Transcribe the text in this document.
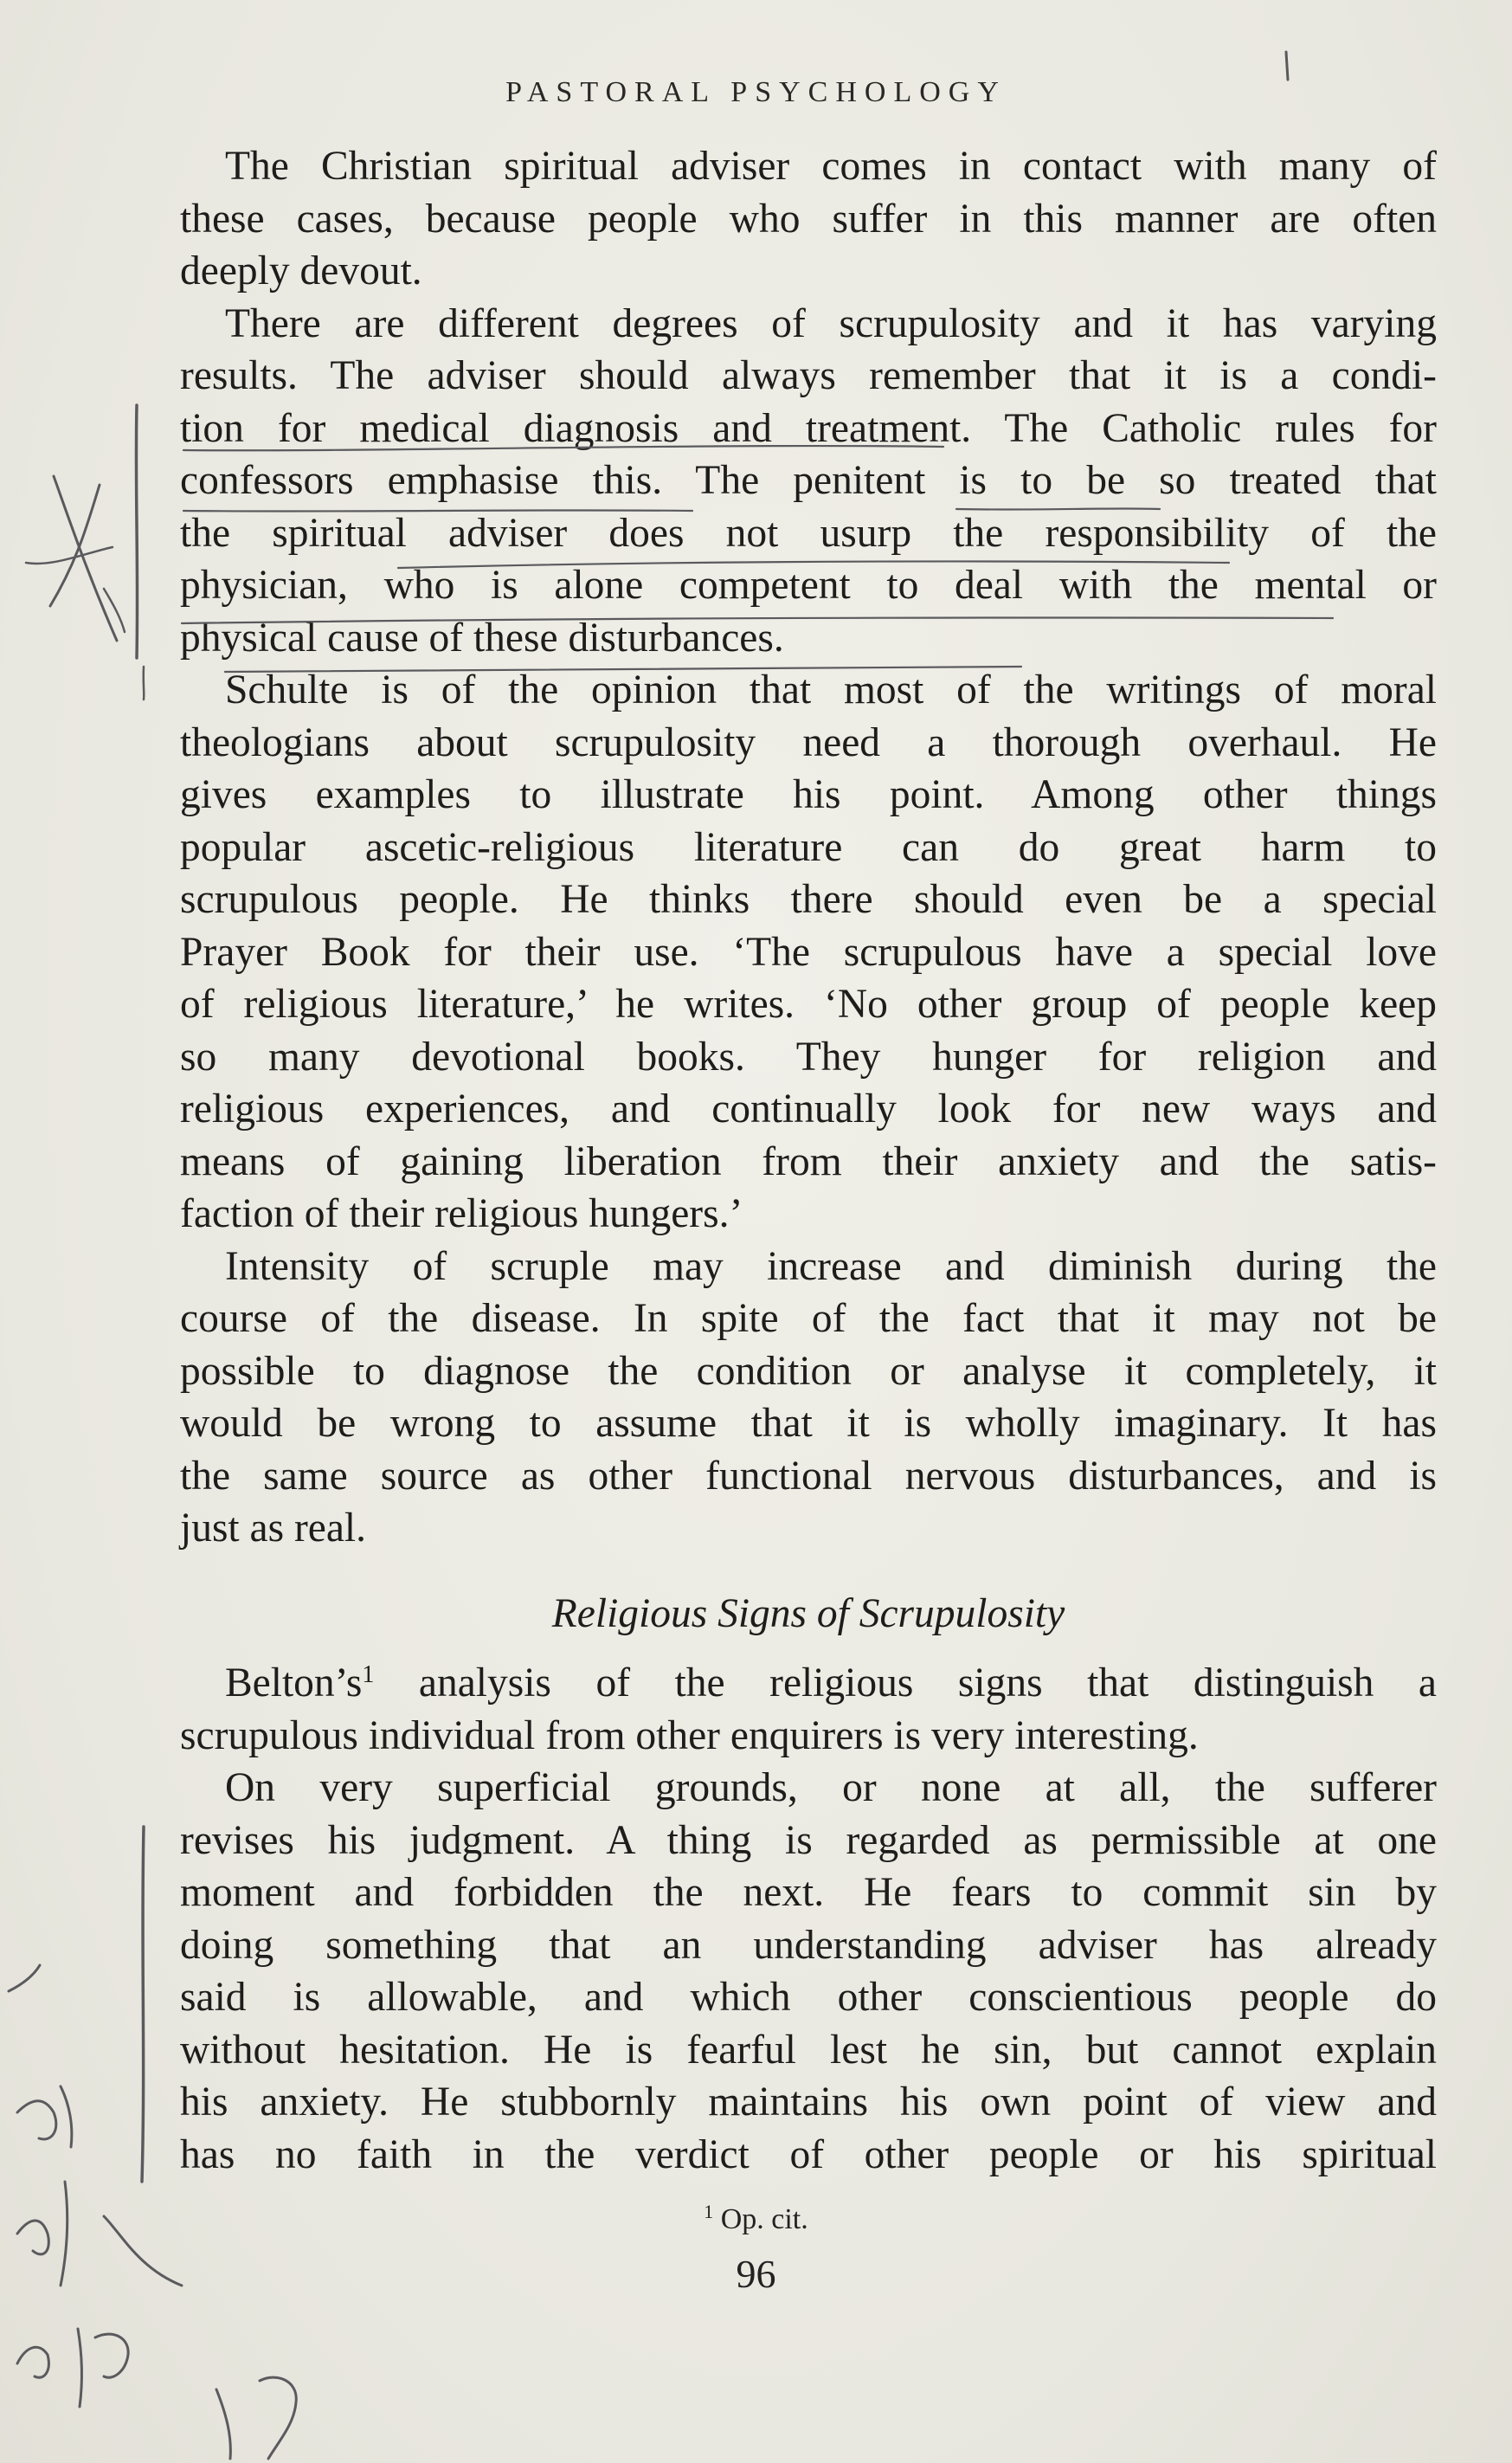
PASTORAL PSYCHOLOGY
The Christian spiritual adviser comes in contact with many of
these cases, because people who suffer in this manner are often
deeply devout.
There are different degrees of scrupulosity and it has varying
results. The adviser should always remember that it is a condi-
tion for medical diagnosis and treatment. The Catholic rules for
confessors emphasise this. The penitent is to be so treated that
the spiritual adviser does not usurp the responsibility of the
physician, who is alone competent to deal with the mental or
physical cause of these disturbances.
Schulte is of the opinion that most of the writings of moral
theologians about scrupulosity need a thorough overhaul. He
gives examples to illustrate his point. Among other things
popular ascetic-religious literature can do great harm to
scrupulous people. He thinks there should even be a special
Prayer Book for their use. ‘The scrupulous have a special love
of religious literature,’ he writes. ‘No other group of people keep
so many devotional books. They hunger for religion and
religious experiences, and continually look for new ways and
means of gaining liberation from their anxiety and the satis-
faction of their religious hungers.’
Intensity of scruple may increase and diminish during the
course of the disease. In spite of the fact that it may not be
possible to diagnose the condition or analyse it completely, it
would be wrong to assume that it is wholly imaginary. It has
the same source as other functional nervous disturbances, and is
just as real.
Religious Signs of Scrupulosity
$Belton’s^1$ analysis of the religious signs that distinguish a
scrupulous individual from other enquirers is very interesting.
On very superficial grounds, or none at all, the sufferer
revises his judgment. A thing is regarded as permissible at one
moment and forbidden the next. He fears to commit sin by
doing something that an understanding adviser has already
said is allowable, and which other conscientious people do
without hesitation. He is fearful lest he sin, but cannot explain
his anxiety. He stubbornly maintains his own point of view and
has no faith in the verdict of other people or his spiritual
$^1$ Op. cit.
96
